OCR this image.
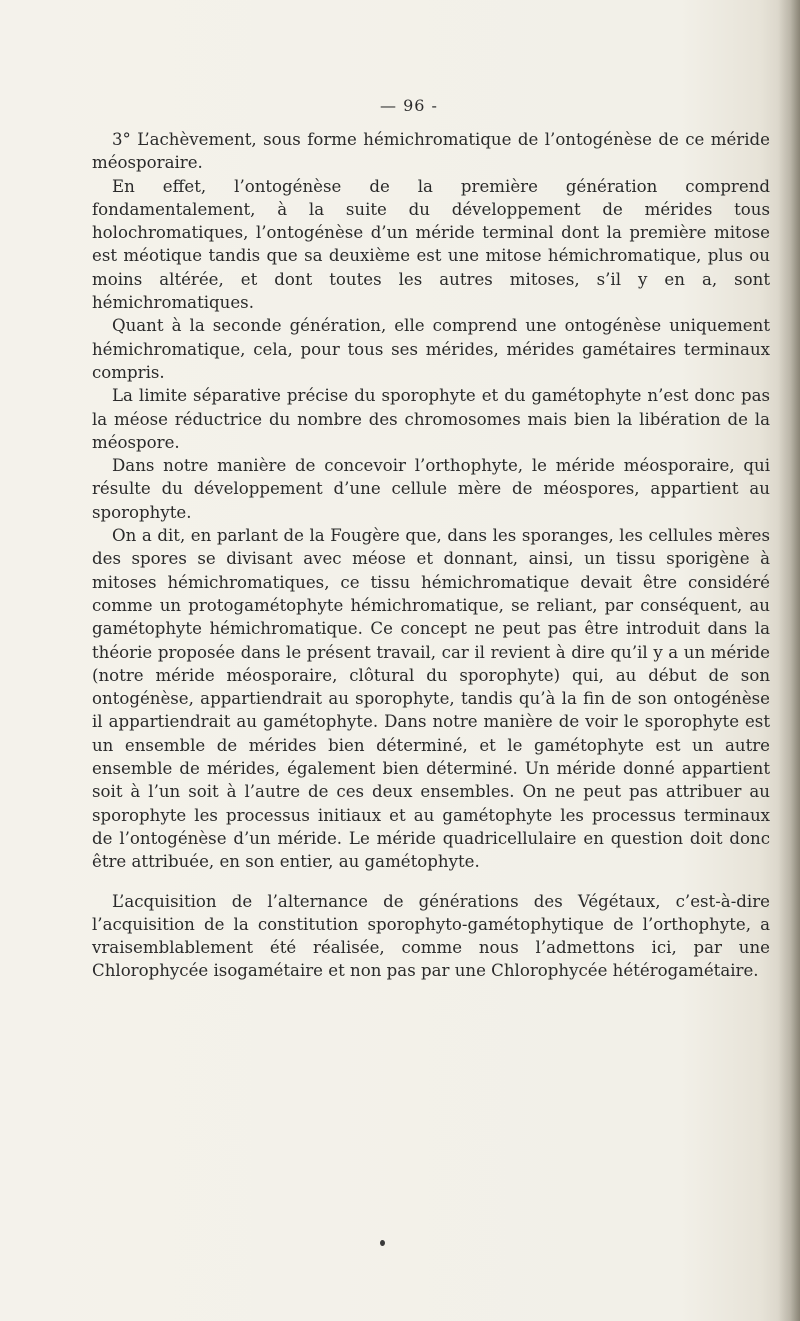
— 96 -

3° L’achèvement, sous forme hémichromatique de l’ontogénèse de ce méride méosporaire.

En effet, l’ontogénèse de la première génération comprend fondamentalement, à la suite du développement de mérides tous holochromatiques, l’ontogénèse d’un méride terminal dont la première mitose est méotique tandis que sa deuxième est une mitose hémichromatique, plus ou moins altérée, et dont toutes les autres mitoses, s’il y en a, sont hémichromatiques.

Quant à la seconde génération, elle comprend une ontogénèse uniquement hémichromatique, cela, pour tous ses mérides, mérides gamétaires terminaux compris.

La limite séparative précise du sporophyte et du gamétophyte n’est donc pas la méose réductrice du nombre des chromosomes mais bien la libération de la méospore.

Dans notre manière de concevoir l’orthophyte, le méride méosporaire, qui résulte du développement d’une cellule mère de méospores, appartient au sporophyte.

On a dit, en parlant de la Fougère que, dans les sporanges, les cellules mères des spores se divisant avec méose et donnant, ainsi, un tissu sporigène à mitoses hémichromatiques, ce tissu hémichromatique devait être considéré comme un protogamétophyte hémichromatique, se reliant, par conséquent, au gamétophyte hémichromatique. Ce concept ne peut pas être introduit dans la théorie proposée dans le présent travail, car il revient à dire qu’il y a un méride (notre méride méosporaire, clôtural du sporophyte) qui, au début de son ontogénèse, appartiendrait au sporophyte, tandis qu’à la fin de son ontogénèse il appartiendrait au gamétophyte. Dans notre manière de voir le sporophyte est un ensemble de mérides bien déterminé, et le gamétophyte est un autre ensemble de mérides, également bien déterminé. Un méride donné appartient soit à l’un soit à l’autre de ces deux ensembles. On ne peut pas attribuer au sporophyte les processus initiaux et au gamétophyte les processus terminaux de l’ontogénèse d’un méride. Le méride quadricellulaire en question doit donc être attribuée, en son entier, au gamétophyte.

L’acquisition de l’alternance de générations des Végétaux, c’est-à-dire l’acquisition de la constitution sporophyto-gamétophytique de l’orthophyte, a vraisemblablement été réalisée, comme nous l’admettons ici, par une Chlorophycée isogamétaire et non pas par une Chlorophycée hétérogamétaire.
